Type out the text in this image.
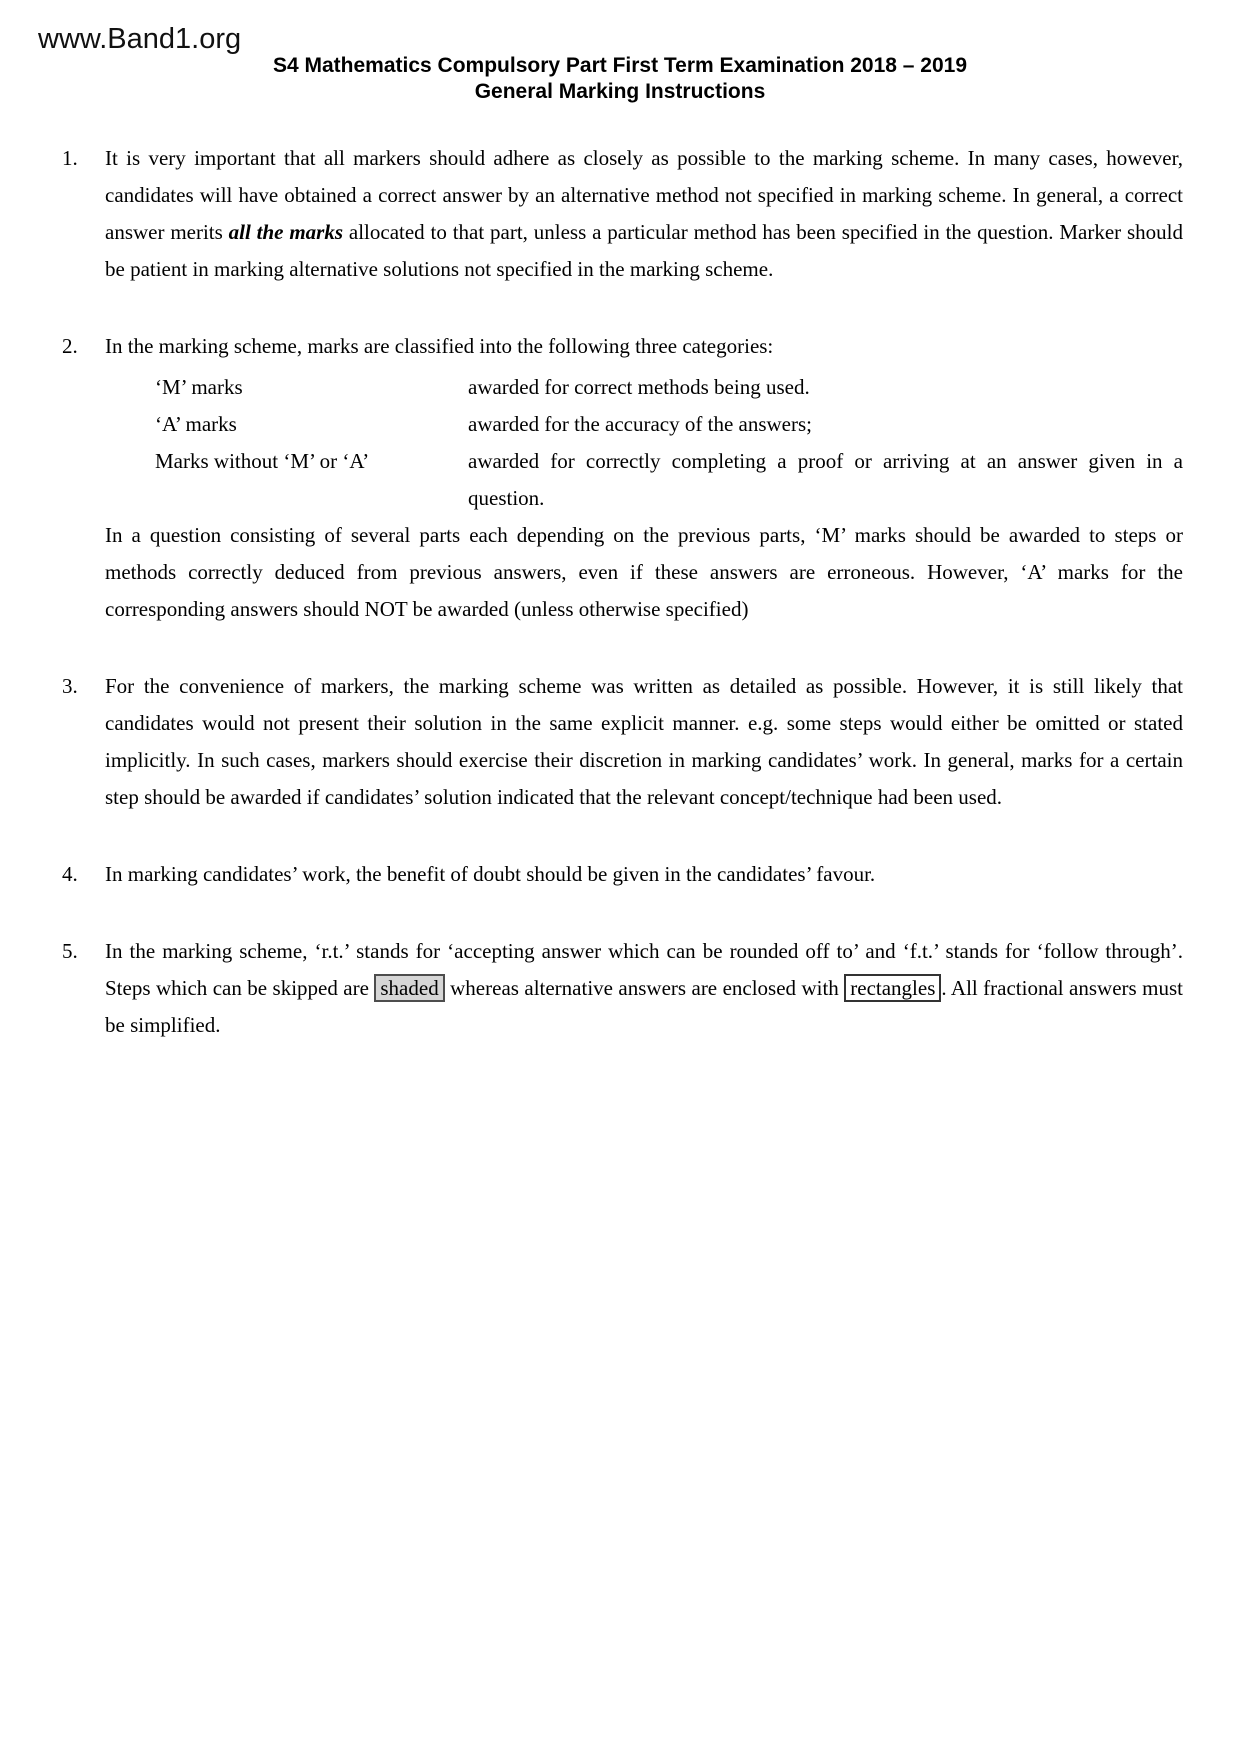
www.Band1.org
S4 Mathematics Compulsory Part First Term Examination 2018 – 2019
General Marking Instructions
1.	It is very important that all markers should adhere as closely as possible to the marking scheme. In many cases, however, candidates will have obtained a correct answer by an alternative method not specified in marking scheme. In general, a correct answer merits all the marks allocated to that part, unless a particular method has been specified in the question. Marker should be patient in marking alternative solutions not specified in the marking scheme.
2.	In the marking scheme, marks are classified into the following three categories:
‘M’ marks	awarded for correct methods being used.
‘A’ marks	awarded for the accuracy of the answers;
Marks without ‘M’ or ‘A’	awarded for correctly completing a proof or arriving at an answer given in a question.
In a question consisting of several parts each depending on the previous parts, ‘M’ marks should be awarded to steps or methods correctly deduced from previous answers, even if these answers are erroneous. However, ‘A’ marks for the corresponding answers should NOT be awarded (unless otherwise specified)
3.	For the convenience of markers, the marking scheme was written as detailed as possible. However, it is still likely that candidates would not present their solution in the same explicit manner. e.g. some steps would either be omitted or stated implicitly. In such cases, markers should exercise their discretion in marking candidates’ work. In general, marks for a certain step should be awarded if candidates’ solution indicated that the relevant concept/technique had been used.
4.	In marking candidates’ work, the benefit of doubt should be given in the candidates’ favour.
5.	In the marking scheme, ‘r.t.’ stands for ‘accepting answer which can be rounded off to’ and ‘f.t.’ stands for ‘follow through’. Steps which can be skipped are shaded whereas alternative answers are enclosed with rectangles . All fractional answers must be simplified.
